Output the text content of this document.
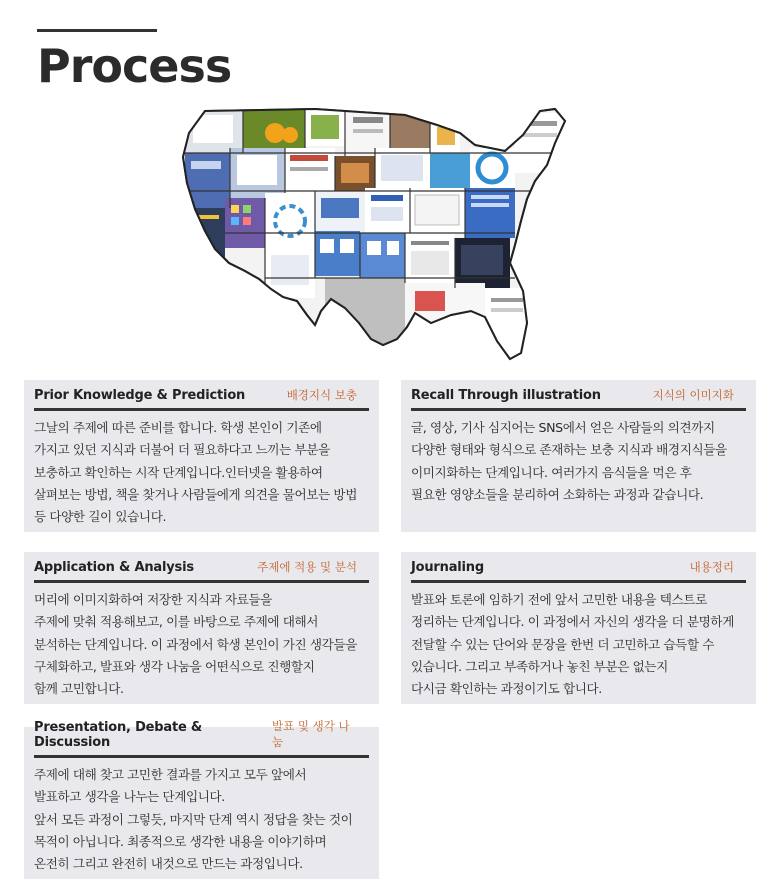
Process
Prior Knowledge & Prediction	배경지식 보충

그날의 주제에 따른 준비를 합니다. 학생 본인이 기존에
가지고 있던 지식과 더불어 더 필요하다고 느끼는 부분을
보충하고 확인하는 시작 단계입니다.인터넷을 활용하여
살펴보는 방법, 책을 찾거나 사람들에게 의견을 물어보는 방법
등 다양한 길이 있습니다.

Recall Through illustration	지식의 이미지화

글, 영상, 기사 심지어는 SNS에서 얻은 사람들의 의견까지
다양한 형태와 형식으로 존재하는 보충 지식과 배경지식들을
이미지화하는 단계입니다. 여러가지 음식들을 먹은 후
필요한 영양소들을 분리하여 소화하는 과정과 같습니다.

Application & Analysis	주제에 적용 및 분석

머리에 이미지화하여 저장한 지식과 자료들을
주제에 맞춰 적용해보고, 이를 바탕으로 주제에 대해서
분석하는 단계입니다. 이 과정에서 학생 본인이 가진 생각들을
구체화하고, 발표와 생각 나눔을 어떤식으로 진행할지
함께 고민합니다.

Journaling	내용정리

발표와 토론에 임하기 전에 앞서 고민한 내용을 텍스트로
정리하는 단계입니다. 이 과정에서 자신의 생각을 더 분명하게
전달할 수 있는 단어와 문장을 한번 더 고민하고 습득할 수
있습니다. 그리고 부족하거나 놓친 부분은 없는지
다시금 확인하는 과정이기도 합니다.

Presentation, Debate & Discussion
발표 및 생각 나눔

주제에 대해 찾고 고민한 결과를 가지고 모두 앞에서
발표하고 생각을 나누는 단계입니다.
앞서 모든 과정이 그렇듯, 마지막 단계 역시 정답을 찾는 것이
목적이 아닙니다. 최종적으로 생각한 내용을 이야기하며
온전히 그리고 완전히 내것으로 만드는 과정입니다.
